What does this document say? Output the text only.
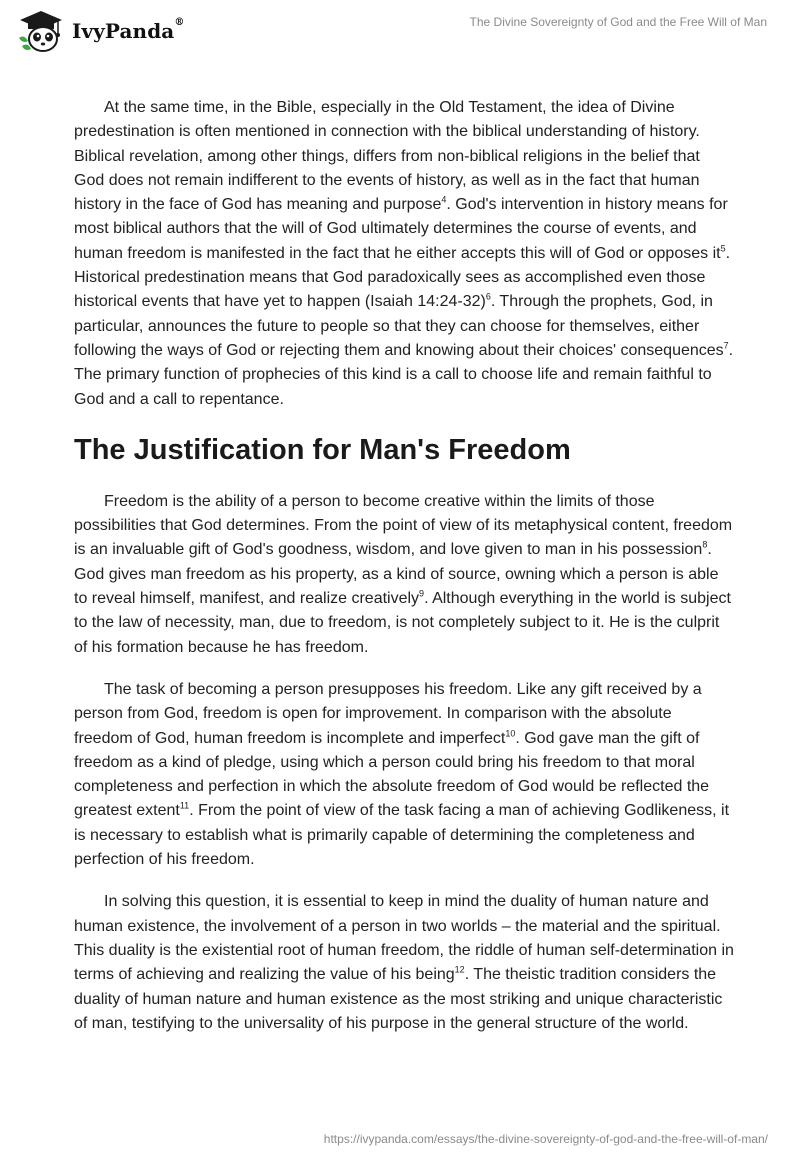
IvyPanda®	The Divine Sovereignty of God and the Free Will of Man

At the same time, in the Bible, especially in the Old Testament, the idea of Divine predestination is often mentioned in connection with the biblical understanding of history. Biblical revelation, among other things, differs from non-biblical religions in the belief that God does not remain indifferent to the events of history, as well as in the fact that human history in the face of God has meaning and purpose$^4$. God's intervention in history means for most biblical authors that the will of God ultimately determines the course of events, and human freedom is manifested in the fact that he either accepts this will of God or opposes $it^5$. Historical predestination means that God paradoxically sees as accomplished even those historical events that have yet to happen (Isaiah 14:24-32)$^6$. Through the prophets, God, in particular, announces the future to people so that they can choose for themselves, either following the ways of God or rejecting them and knowing about their choices' consequences$^7$. The primary function of prophecies of this kind is a call to choose life and remain faithful to God and a call to repentance.

The Justification for Man's Freedom

Freedom is the ability of a person to become creative within the limits of those possibilities that God determines. From the point of view of its metaphysical content, freedom is an invaluable gift of God's goodness, wisdom, and love given to man in his possession$^8$. God gives man freedom as his property, as a kind of source, owning which a person is able to reveal himself, manifest, and realize creatively$^9$. Although everything in the world is subject to the law of necessity, man, due to freedom, is not completely subject to it. He is the culprit of his formation because he has freedom.

The task of becoming a person presupposes his freedom. Like any gift received by a person from God, freedom is open for improvement. In comparison with the absolute freedom of God, human freedom is incomplete and imperfect$^{10}$. God gave man the gift of freedom as a kind of pledge, using which a person could bring his freedom to that moral completeness and perfection in which the absolute freedom of God would be reflected the greatest extent$^{11}$. From the point of view of the task facing a man of achieving Godlikeness, it is necessary to establish what is primarily capable of determining the completeness and perfection of his freedom.

In solving this question, it is essential to keep in mind the duality of human nature and human existence, the involvement of a person in two worlds – the material and the spiritual. This duality is the existential root of human freedom, the riddle of human self-determination in terms of achieving and realizing the value of his being$^{12}$. The theistic tradition considers the duality of human nature and human existence as the most striking and unique characteristic of man, testifying to the universality of his purpose in the general structure of the world.

https://ivypanda.com/essays/the-divine-sovereignty-of-god-and-the-free-will-of-man/
